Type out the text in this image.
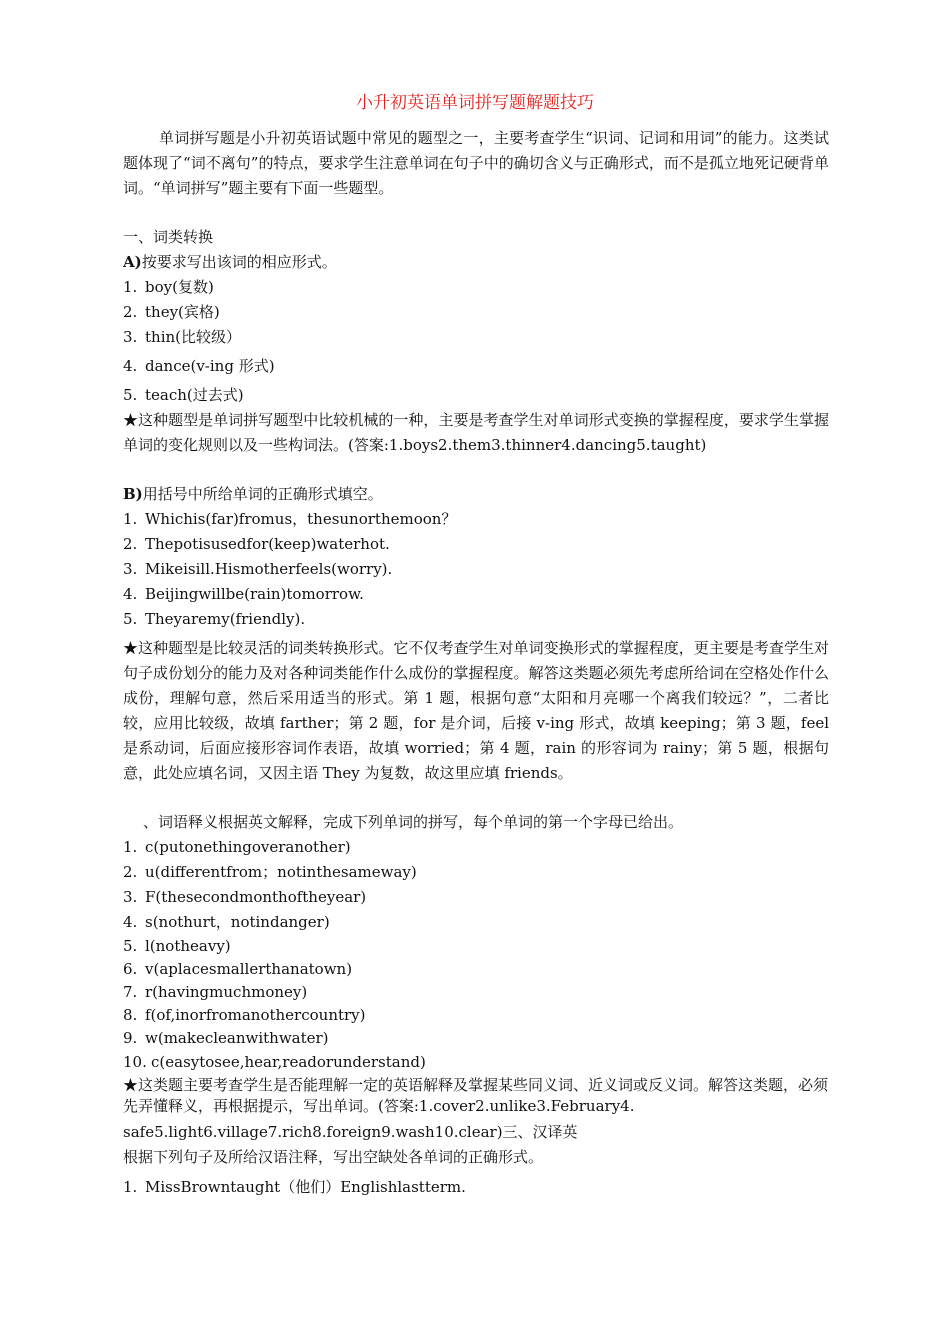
小升初英语单词拼写题解题技巧

单词拼写题是小升初英语试题中常见的题型之一，主要考查学生“识词、记词和用词”的能力。这类试题体现了“词不离句”的特点，要求学生注意单词在句子中的确切含义与正确形式，而不是孤立地死记硬背单词。“单词拼写”题主要有下面一些题型。

一、词类转换

A)按要求写出该词的相应形式。

1. boy(复数)
2. they(宾格)
3. thin(比较级）
4. dance(v-ing 形式)
5. teach(过去式)

★这种题型是单词拼写题型中比较机械的一种，主要是考查学生对单词形式变换的掌握程度，要求学生掌握单词的变化规则以及一些构词法。(答案:1.boys2.them3.thinner4.dancing5.taught)

B)用括号中所给单词的正确形式填空。

1. Whichis(far)fromus，thesunorthemoon？
2. Thepotisusedfor(keep)waterhot.
3. Mikeisill.Hismotherfeels(worry).
4. Beijingwillbe(rain)tomorrow.
5. Theyaremy(friendly).

★这种题型是比较灵活的词类转换形式。它不仅考查学生对单词变换形式的掌握程度，更主要是考查学生对句子成份划分的能力及对各种词类能作什么成份的掌握程度。解答这类题必须先考虑所给词在空格处作什么成份，理解句意，然后采用适当的形式。第 1 题，根据句意“太阳和月亮哪一个离我们较远？”，二者比较，应用比较级，故填 farther；第 2 题，for 是介词，后接 v-ing 形式，故填 keeping；第 3 题，feel 是系动词，后面应接形容词作表语，故填 worried；第 4 题，rain 的形容词为 rainy；第 5 题，根据句意，此处应填名词，又因主语 They 为复数，故这里应填 friends。

、词语释义根据英文解释，完成下列单词的拼写，每个单词的第一个字母已给出。

1. c(putonethingoveranother)
2. u(differentfrom；notinthesameway)
3. F(thesecondmonthoftheyear)
4. s(nothurt，notindanger)
5. l(notheavy)
6. v(aplacesmallerthanatown)
7. r(havingmuchmoney)
8. f(of,inorfromanothercountry)
9. w(makecleanwithwater)
10. c(easytosee,hear,readorunderstand)

★这类题主要考查学生是否能理解一定的英语解释及掌握某些同义词、近义词或反义词。解答这类题，必须先弄懂释义，再根据提示，写出单词。(答案:1.cover2.unlike3.February4.

safe5.light6.village7.rich8.foreign9.wash10.clear)三、汉译英

根据下列句子及所给汉语注释，写出空缺处各单词的正确形式。

1. MissBrowntaught（他们）Englishlastterm.
